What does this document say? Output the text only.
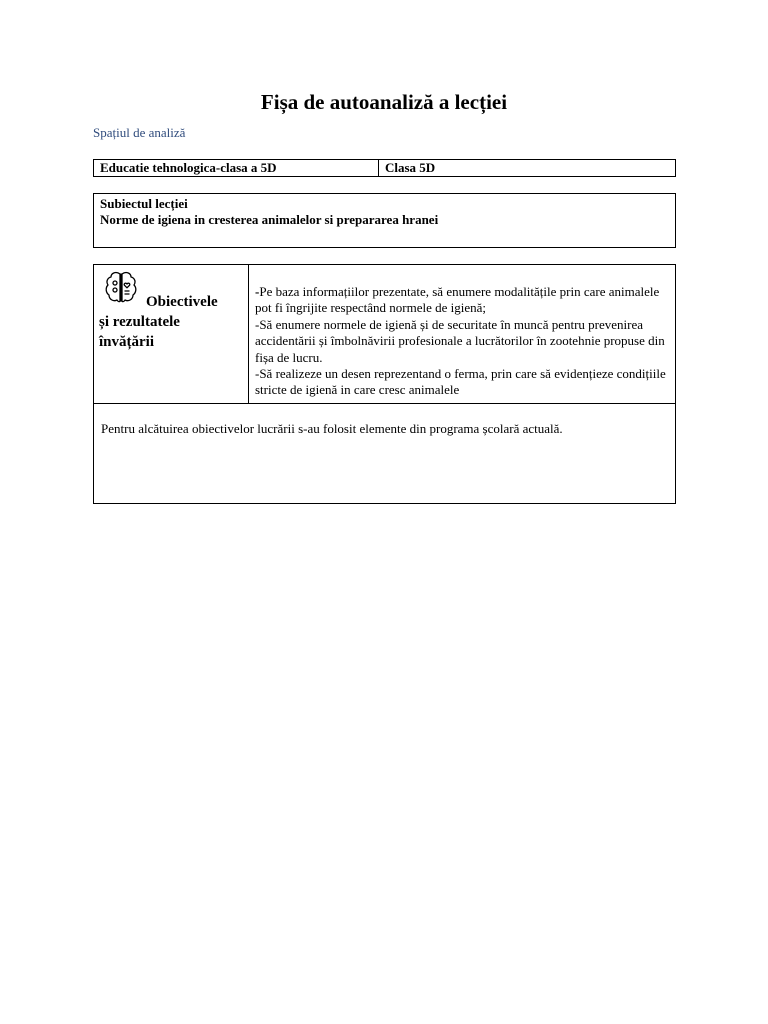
Fișa de autoanaliză a lecției
Spațiul de analiză
Educatie tehnologica-clasa a 5D	Clasa 5D
Subiectul lecției
Norme de igiena in cresterea animalelor si prepararea hranei
Obiectivele
și rezultatele
învățării

-Pe baza informațiilor prezentate, să enumere modalitățile prin care animalele pot fi îngrijite respectând normele de igienă;

-Să enumere normele de igienă și de securitate în muncă pentru prevenirea accidentării și îmbolnăvirii profesionale a lucrătorilor în zootehnie propuse din fișa de lucru.

-Să realizeze un desen reprezentand o ferma, prin care să evidențieze condițiile stricte de igienă in care cresc animalele

Pentru alcătuirea obiectivelor lucrării s-au folosit elemente din programa școlară actuală.
